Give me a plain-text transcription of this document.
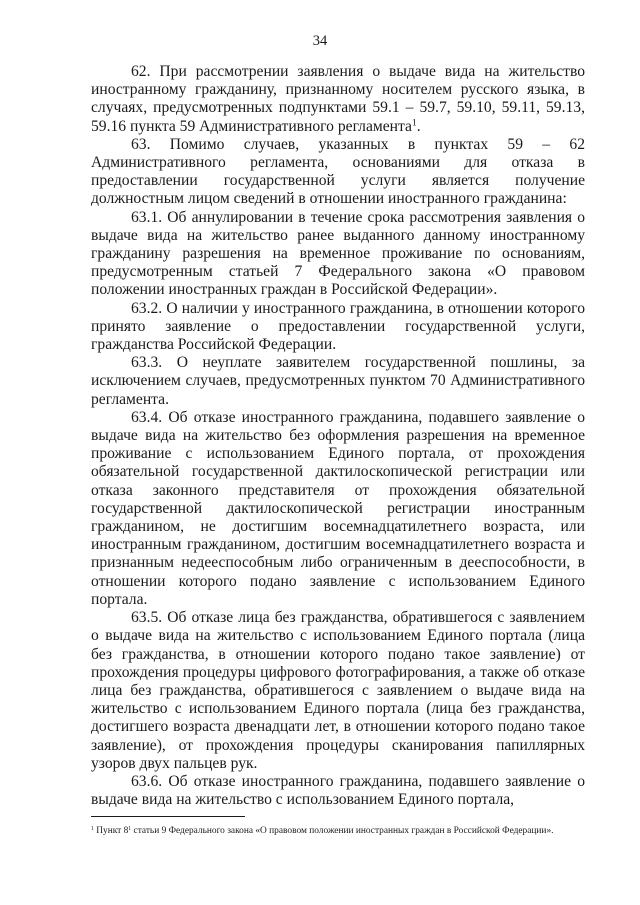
34

62. При рассмотрении заявления о выдаче вида на жительство иностранному гражданину, признанному носителем русского языка, в случаях, предусмотренных подпунктами 59.1 – 59.7, 59.10, 59.11, 59.13, 59.16 пункта 59 Административного регламента$^1$.

63. Помимо случаев, указанных в пунктах 59 – 62 Административного регламента, основаниями для отказа в предоставлении государственной услуги является получение должностным лицом сведений в отношении иностранного гражданина:

63.1. Об аннулировании в течение срока рассмотрения заявления о выдаче вида на жительство ранее выданного данному иностранному гражданину разрешения на временное проживание по основаниям, предусмотренным статьей 7 Федерального закона «О правовом положении иностранных граждан в Российской Федерации».

63.2. О наличии у иностранного гражданина, в отношении которого принято заявление о предоставлении государственной услуги, гражданства Российской Федерации.

63.3. О неуплате заявителем государственной пошлины, за исключением случаев, предусмотренных пунктом 70 Административного регламента.

63.4. Об отказе иностранного гражданина, подавшего заявление о выдаче вида на жительство без оформления разрешения на временное проживание с использованием Единого портала, от прохождения обязательной государственной дактилоскопической регистрации или отказа законного представителя от прохождения обязательной государственной дактилоскопической регистрации иностранным гражданином, не достигшим восемнадцатилетнего возраста, или иностранным гражданином, достигшим восемнадцатилетнего возраста и признанным недееспособным либо ограниченным в дееспособности, в отношении которого подано заявление с использованием Единого портала.

63.5. Об отказе лица без гражданства, обратившегося с заявлением о выдаче вида на жительство с использованием Единого портала (лица без гражданства, в отношении которого подано такое заявление) от прохождения процедуры цифрового фотографирования, а также об отказе лица без гражданства, обратившегося с заявлением о выдаче вида на жительство с использованием Единого портала (лица без гражданства, достигшего возраста двенадцати лет, в отношении которого подано такое заявление), от прохождения процедуры сканирования папиллярных узоров двух пальцев рук.

63.6. Об отказе иностранного гражданина, подавшего заявление о выдаче вида на жительство с использованием Единого портала,

$^1$ Пункт $8^1$ статьи 9 Федерального закона «О правовом положении иностранных граждан в Российской Федерации».
